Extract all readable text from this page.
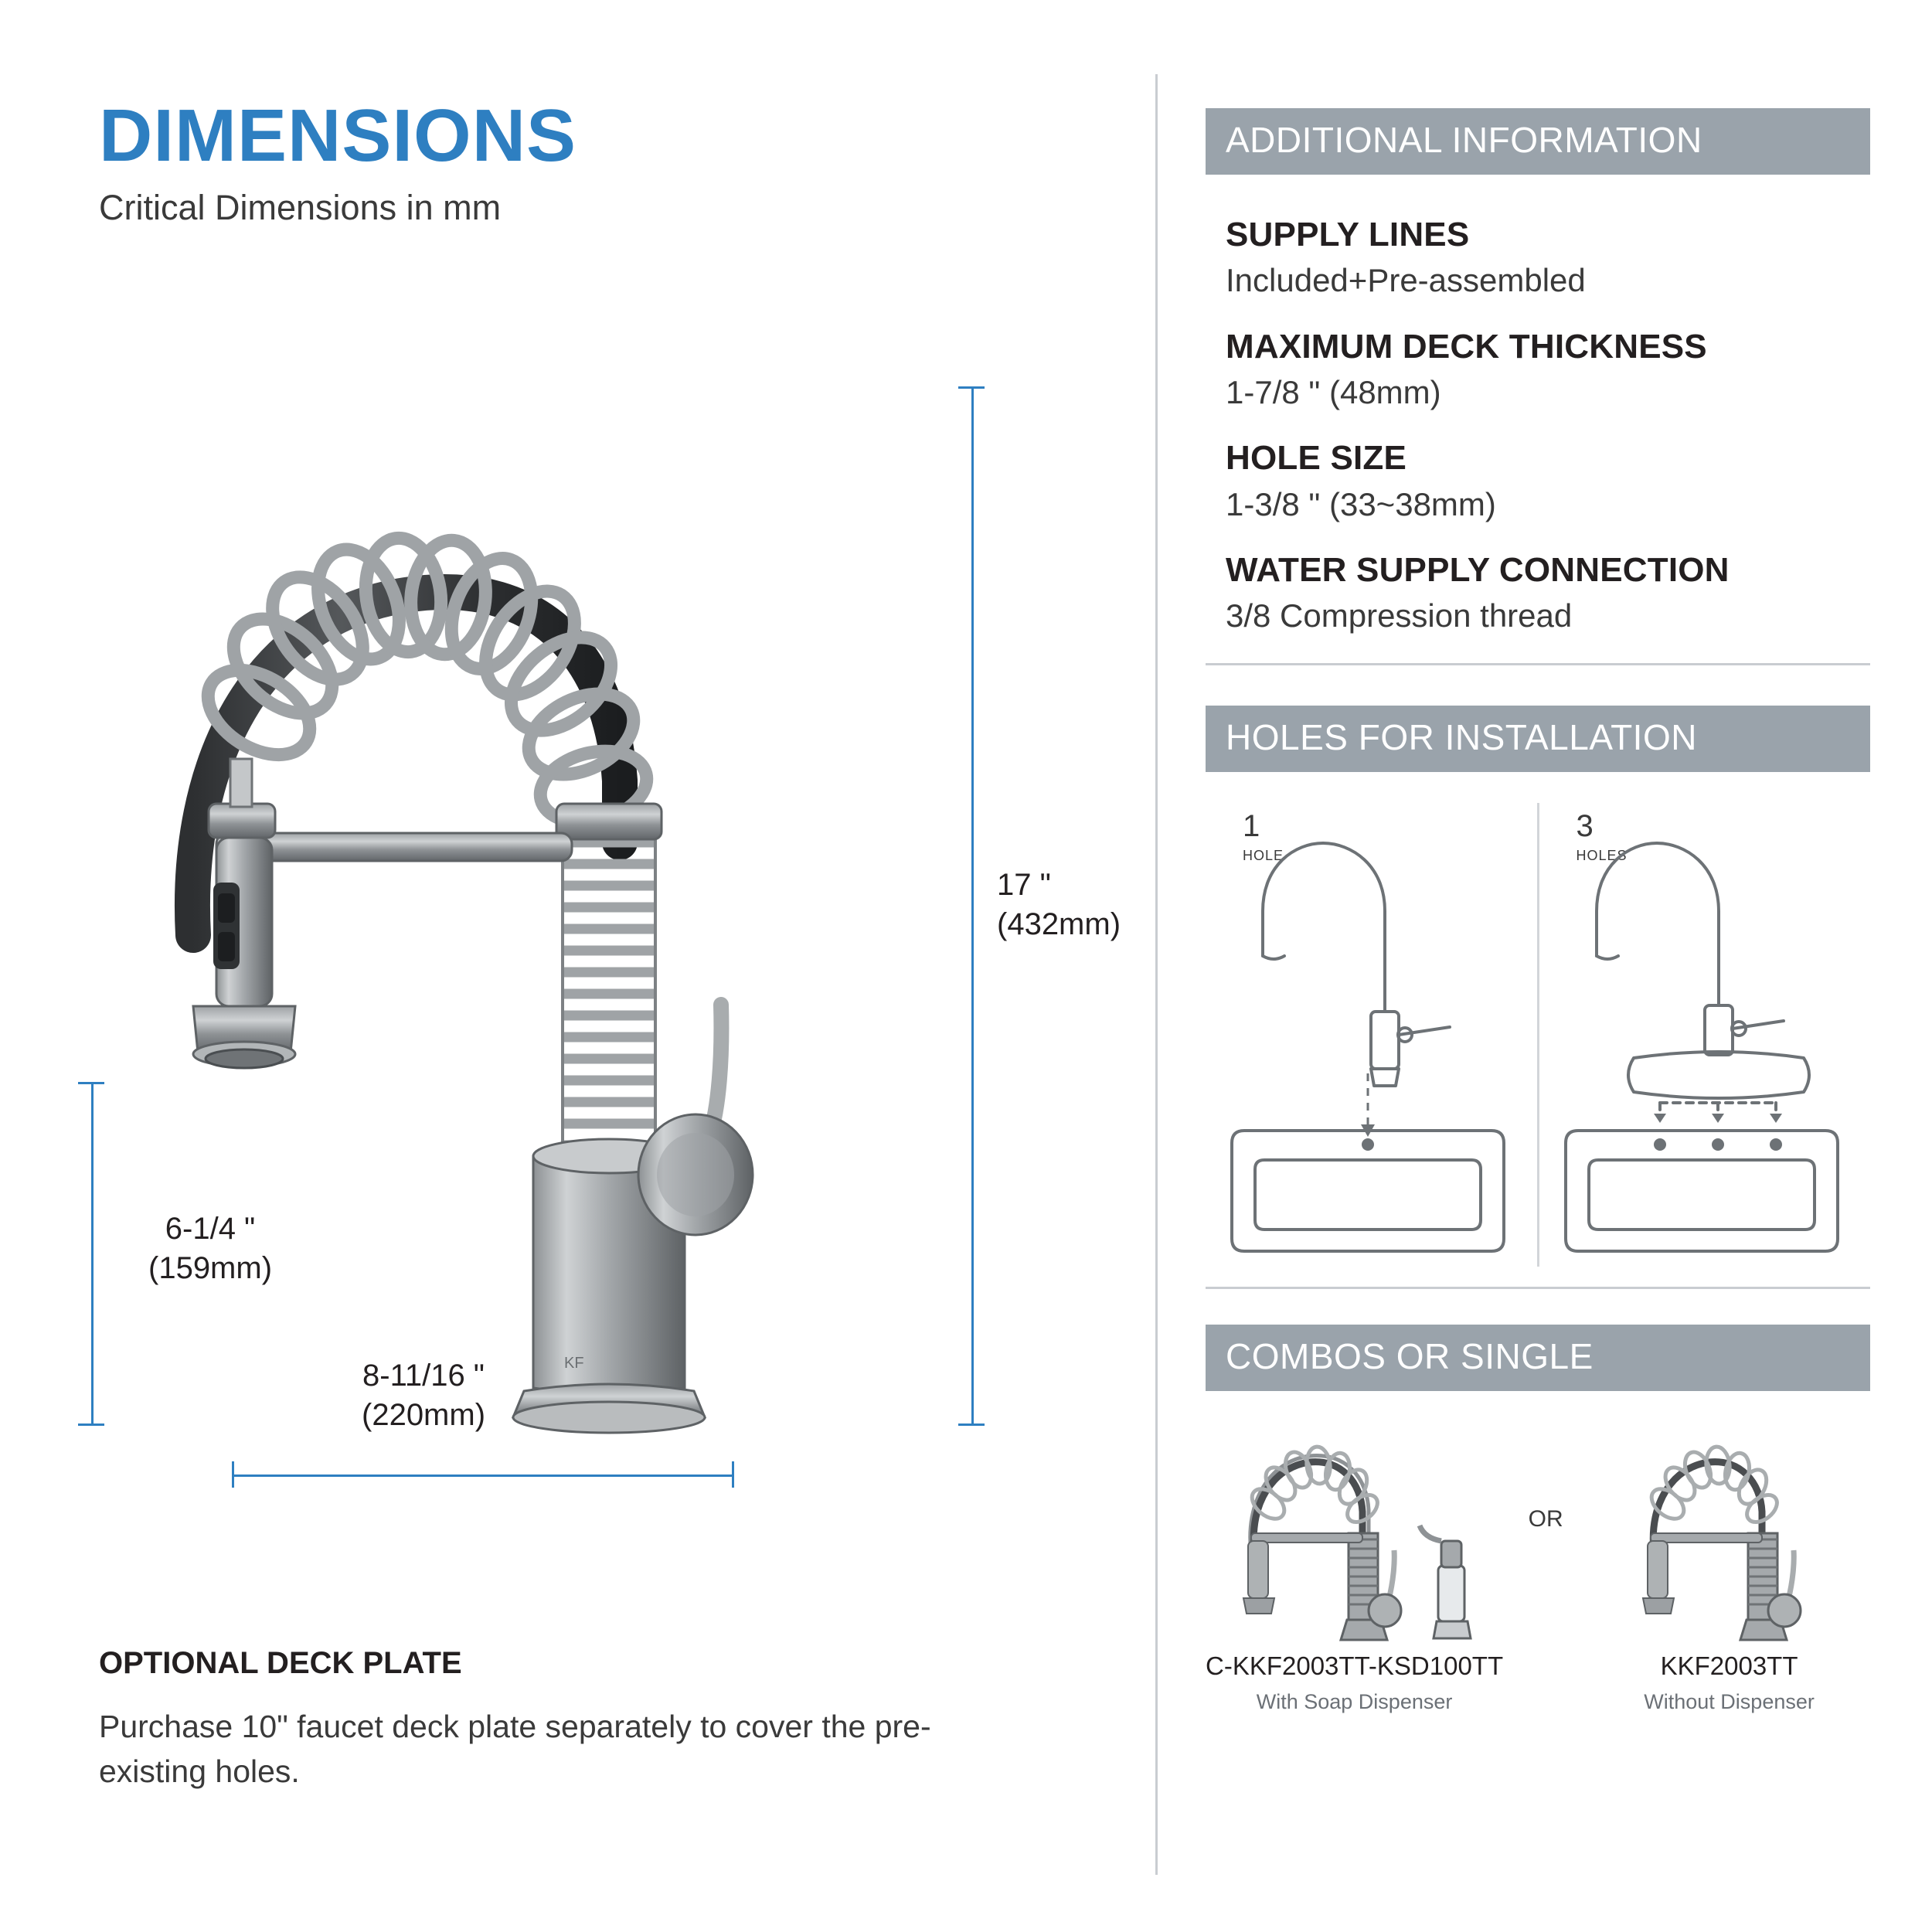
DIMENSIONS
Critical Dimensions in mm
KF
17 "
(432mm)
6-1/4 "
(159mm)
8-11/16 "
(220mm)
OPTIONAL DECK PLATE
Purchase 10" faucet deck plate separately to cover the pre-existing holes.
ADDITIONAL INFORMATION
SUPPLY LINES
Included+Pre-assembled
MAXIMUM DECK THICKNESS
1-7/8 " (48mm)
HOLE SIZE
1-3/8 " (33~38mm)
WATER SUPPLY CONNECTION
3/8 Compression thread
HOLES FOR INSTALLATION
1
HOLE
3
HOLES
COMBOS OR SINGLE
C-KKF2003TT-KSD100TT
With Soap Dispenser
OR
KKF2003TT
Without Dispenser
